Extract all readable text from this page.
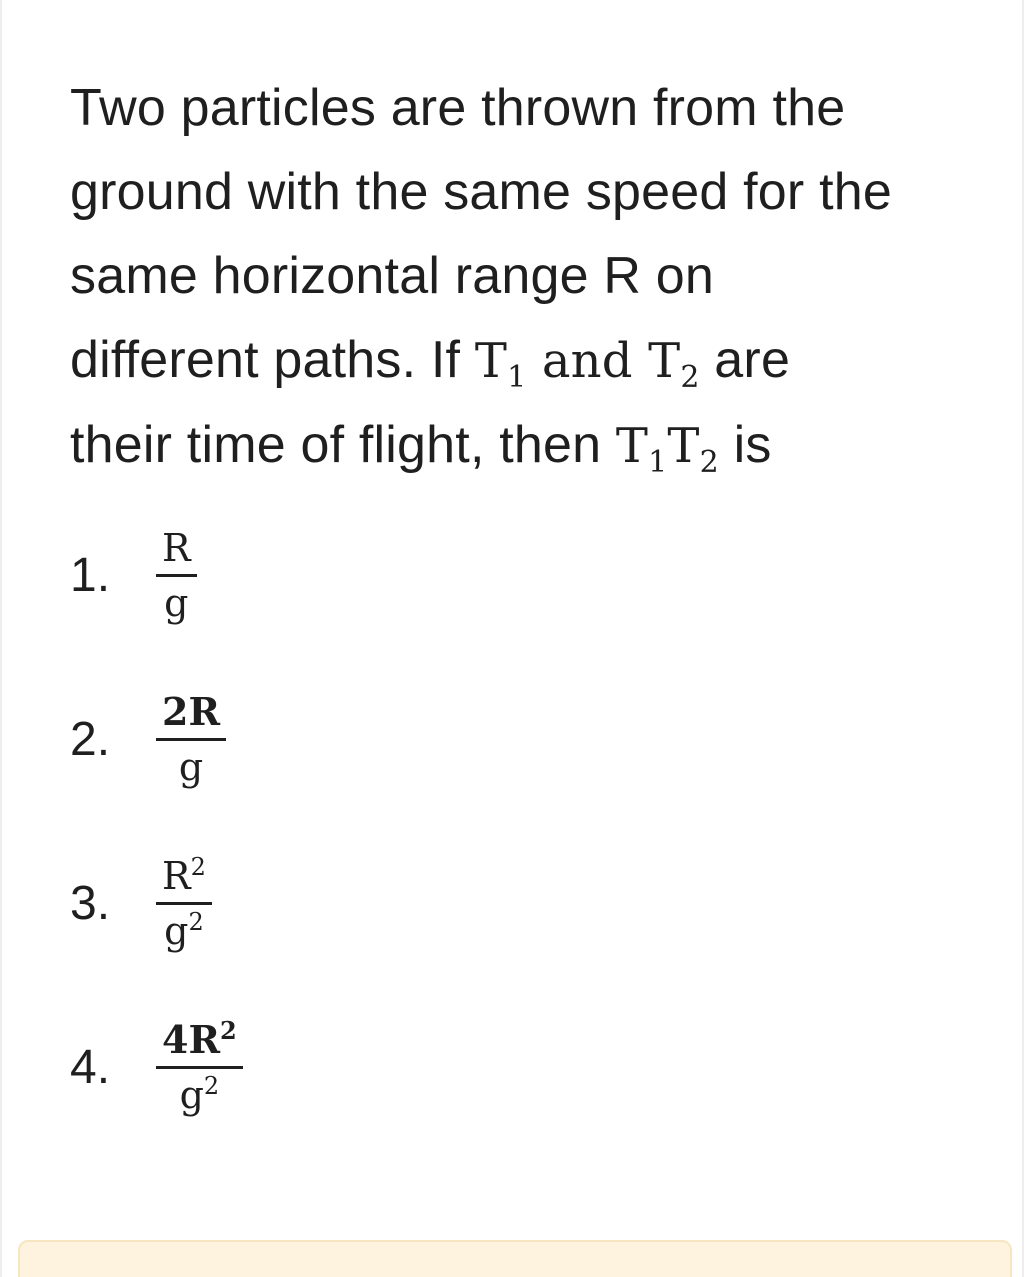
Two particles are thrown from the
ground with the same speed for the
same horizontal range R on
different paths. If $T_1$ and $T_2$ are
their time of flight, then $T_1T_2$ is
1.	$\frac{R}{g}$
2.	$\frac{2R}{g}$
3.	$\frac{R^2}{g^2}$
4.	$\frac{4R^2}{g^2}$
